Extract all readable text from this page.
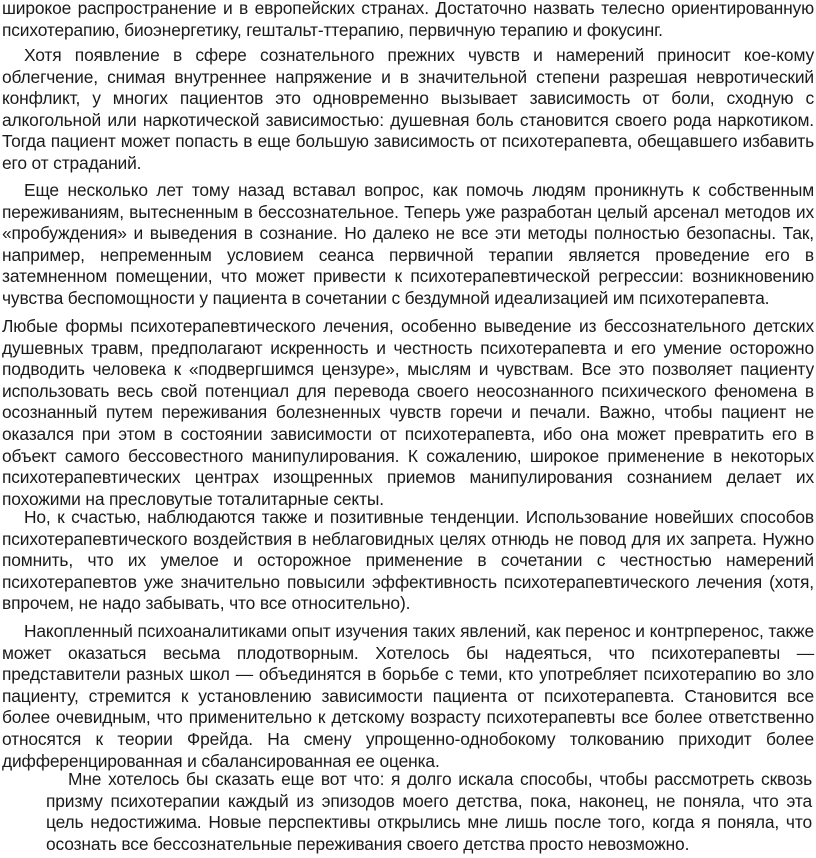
широкое распространение и в европейских странах. Достаточно назвать телесно ориентированную психотерапию, биоэнергетику, гештальт-ттерапию, первичную терапию и фокусинг.

Хотя появление в сфере сознательного прежних чувств и намерений приносит кое-кому облегчение, снимая внутреннее напряжение и в значительной степени разрешая невротический конфликт, у многих пациентов это одновременно вызывает зависимость от боли, сходную с алкогольной или наркотической зависимостью: душевная боль становится своего рода наркотиком. Тогда пациент может попасть в еще большую зависимость от психотерапевта, обещавшего избавить его от страданий.

Еще несколько лет тому назад вставал вопрос, как помочь людям проникнуть к собственным переживаниям, вытесненным в бессознательное. Теперь уже разработан целый арсенал методов их «пробуждения» и выведения в сознание. Но далеко не все эти методы полностью безопасны. Так, например, непременным условием сеанса первичной терапии является проведение его в затемненном помещении, что может привести к психотерапевтической регрессии: возникновению чувства беспомощности у пациента в сочетании с бездумной идеализацией им психотерапевта.

Любые формы психотерапевтического лечения, особенно выведение из бессознательного детских душевных травм, предполагают искренность и честность психотерапевта и его умение осторожно подводить человека к «подвергшимся цензуре», мыслям и чувствам. Все это позволяет пациенту использовать весь свой потенциал для перевода своего неосознанного психического феномена в осознанный путем переживания болезненных чувств горечи и печали. Важно, чтобы пациент не оказался при этом в состоянии зависимости от психотерапевта, ибо она может превратить его в объект самого бессовестного манипулирования. К сожалению, широкое применение в некоторых психотерапевтических центрах изощренных приемов манипулирования сознанием делает их похожими на пресловутые тоталитарные секты.

Но, к счастью, наблюдаются также и позитивные тенденции. Использование новейших способов психотерапевтического воздействия в неблаговидных целях отнюдь не повод для их запрета. Нужно помнить, что их умелое и осторожное применение в сочетании с честностью намерений психотерапевтов уже значительно повысили эффективность психотерапевтического лечения (хотя, впрочем, не надо забывать, что все относительно).

Накопленный психоаналитиками опыт изучения таких явлений, как перенос и контрперенос, также может оказаться весьма плодотворным. Хотелось бы надеяться, что психотерапевты — представители разных школ — объединятся в борьбе с теми, кто употребляет психотерапию во зло пациенту, стремится к установлению зависимости пациента от психотерапевта. Становится все более очевидным, что применительно к детскому возрасту психотерапевты все более ответственно относятся к теории Фрейда. На смену упрощенно-однобокому толкованию приходит более дифференцированная и сбалансированная ее оценка.

Мне хотелось бы сказать еще вот что: я долго искала способы, чтобы рассмотреть сквозь призму психотерапии каждый из эпизодов моего детства, пока, наконец, не поняла, что эта цель недостижима. Новые перспективы открылись мне лишь после того, когда я поняла, что осознать все бессознательные переживания своего детства просто невозможно.
